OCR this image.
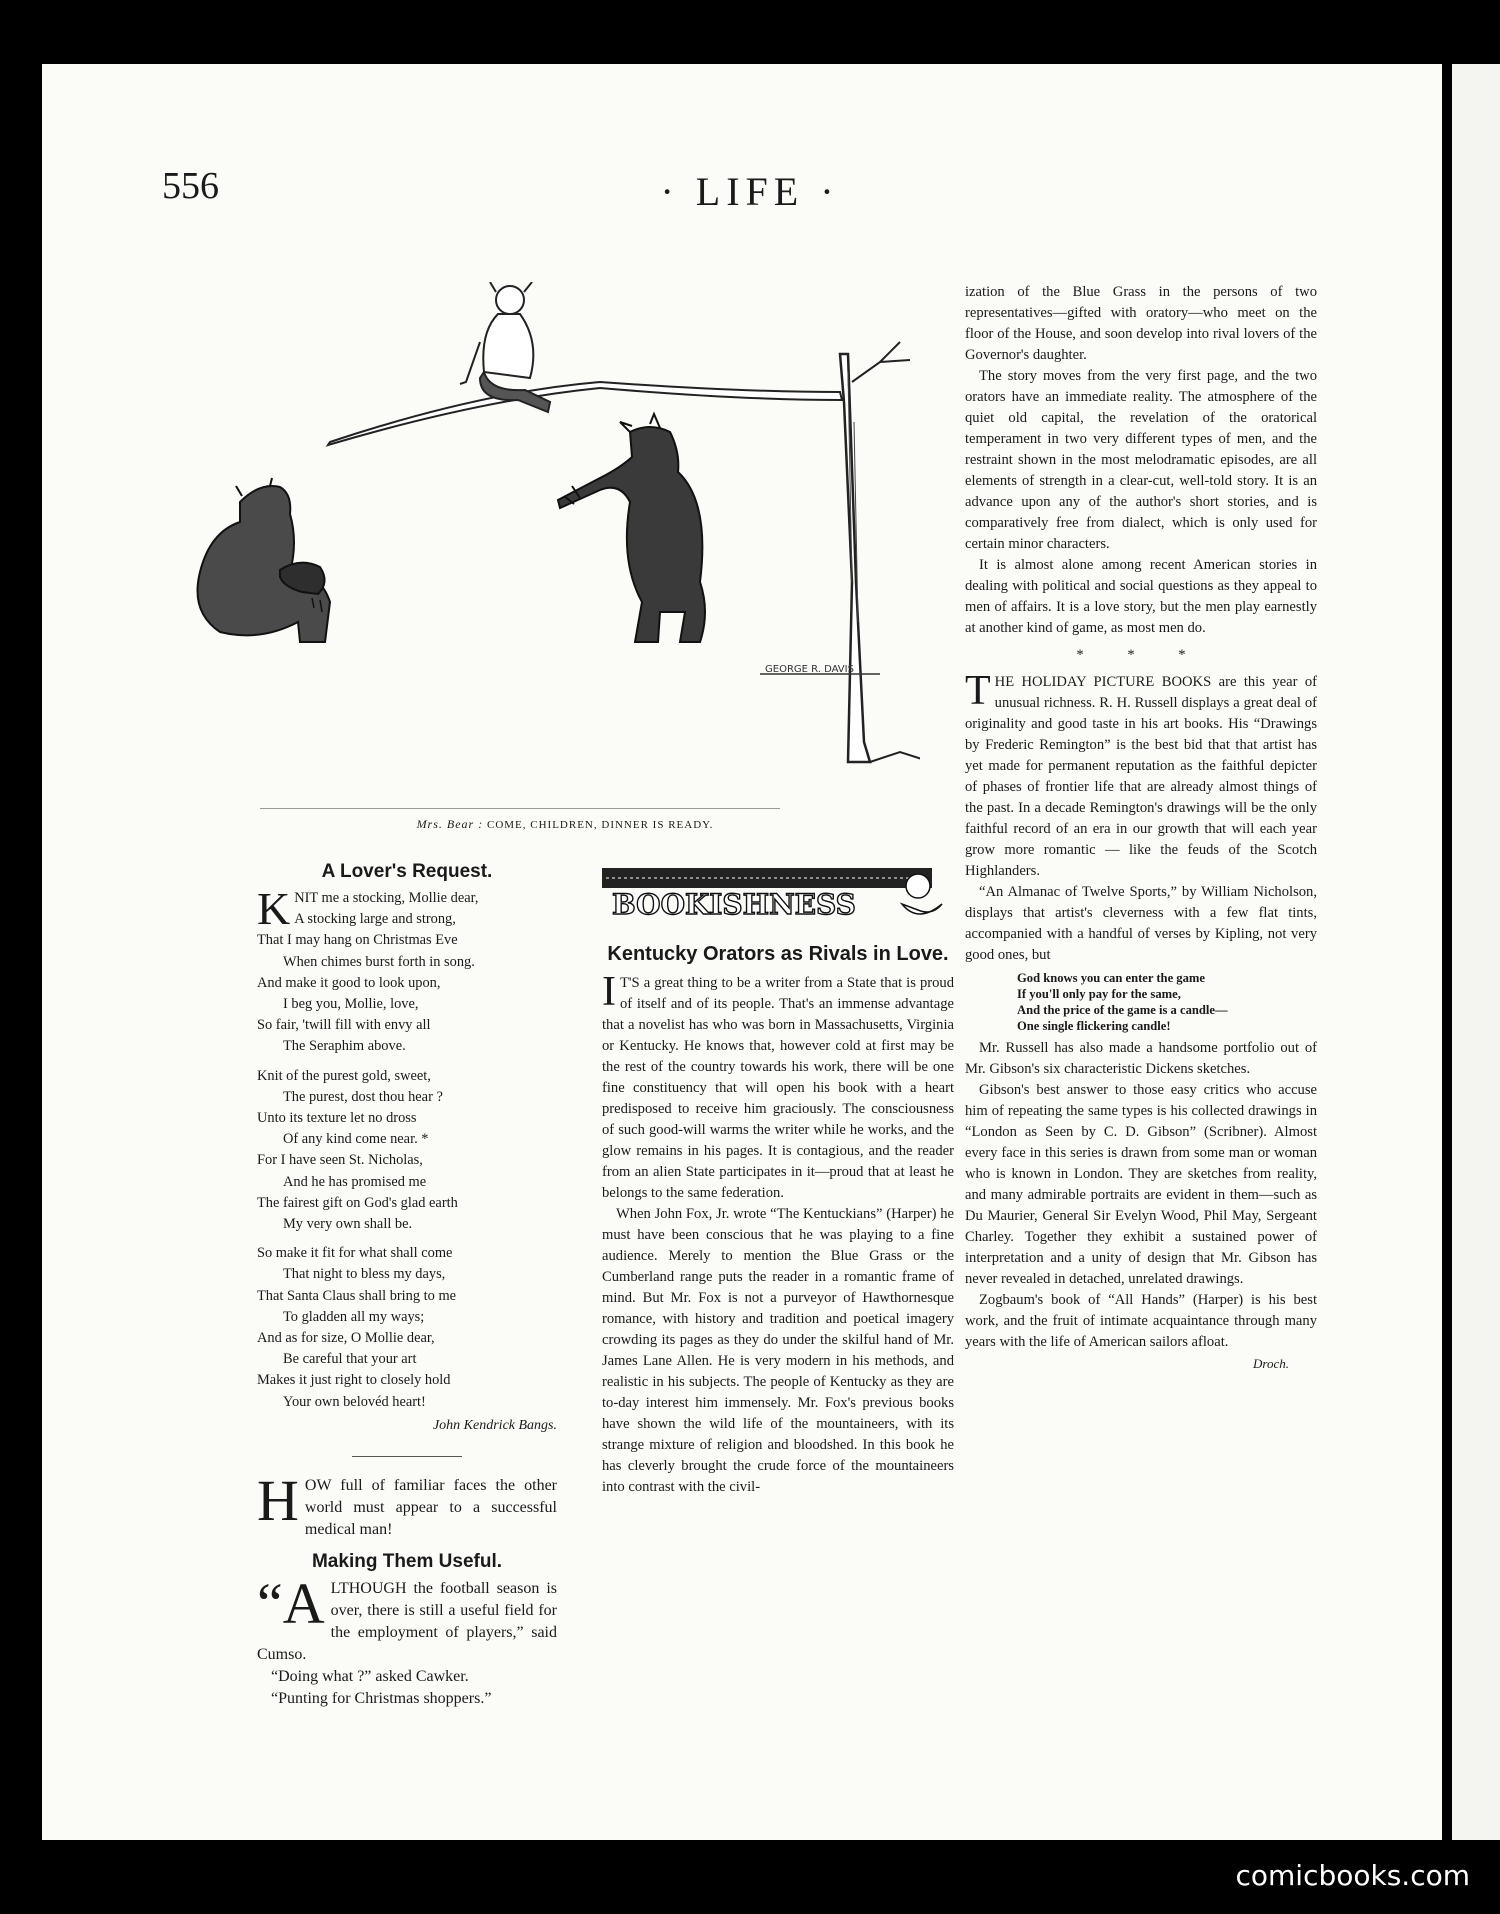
556	· LIFE ·
GEORGE R. DAVIS
Mrs. Bear : COME, CHILDREN, DINNER IS READY.
A Lover's Request.
K NIT me a stocking, Mollie dear,
A stocking large and strong,
That I may hang on Christmas Eve
When chimes burst forth in song.
And make it good to look upon,
I beg you, Mollie, love,
So fair, 'twill fill with envy all
The Seraphim above.
Knit of the purest gold, sweet,
The purest, dost thou hear ?
Unto its texture let no dross
Of any kind come near. *
For I have seen St. Nicholas,
And he has promised me
The fairest gift on God's glad earth
My very own shall be.
So make it fit for what shall come
That night to bless my days,
That Santa Claus shall bring to me
To gladden all my ways;
And as for size, O Mollie dear,
Be careful that your art
Makes it just right to closely hold
Your own belovéd heart!
John Kendrick Bangs.

HOW full of familiar faces the other world must appear to a successful medical man!

Making Them Useful.

“A LTHOUGH the football season is over, there is still a useful field for the employment of players,” said Cumso.

“Doing what ?” asked Cawker.

“Punting for Christmas shoppers.”

BOOKISHNESS
Kentucky Orators as Rivals in Love.

I T'S a great thing to be a writer from a State that is proud of itself and of its people. That's an immense advantage that a novelist has who was born in Massachusetts, Virginia or Kentucky. He knows that, however cold at first may be the rest of the country towards his work, there will be one fine constituency that will open his book with a heart predisposed to receive him graciously. The consciousness of such good-will warms the writer while he works, and the glow remains in his pages. It is contagious, and the reader from an alien State participates in it—proud that at least he belongs to the same federation.

When John Fox, Jr. wrote “The Kentuckians” (Harper) he must have been conscious that he was playing to a fine audience. Merely to mention the Blue Grass or the Cumberland range puts the reader in a romantic frame of mind. But Mr. Fox is not a purveyor of Hawthornesque romance, with history and tradition and poetical imagery crowding its pages as they do under the skilful hand of Mr. James Lane Allen. He is very modern in his methods, and realistic in his subjects. The people of Kentucky as they are to-day interest him immensely. Mr. Fox's previous books have shown the wild life of the mountaineers, with its strange mixture of religion and bloodshed. In this book he has cleverly brought the crude force of the mountaineers into contrast with the civil-

ization of the Blue Grass in the persons of two representatives—gifted with oratory—who meet on the floor of the House, and soon develop into rival lovers of the Governor's daughter.

The story moves from the very first page, and the two orators have an immediate reality. The atmosphere of the quiet old capital, the revelation of the oratorical temperament in two very different types of men, and the restraint shown in the most melodramatic episodes, are all elements of strength in a clear-cut, well-told story. It is an advance upon any of the author's short stories, and is comparatively free from dialect, which is only used for certain minor characters.

It is almost alone among recent American stories in dealing with political and social questions as they appeal to men of affairs. It is a love story, but the men play earnestly at another kind of game, as most men do.

* * *

THE HOLIDAY PICTURE BOOKS are this year of unusual richness. R. H. Russell displays a great deal of originality and good taste in his art books. His “Drawings by Frederic Remington” is the best bid that that artist has yet made for permanent reputation as the faithful depicter of phases of frontier life that are already almost things of the past. In a decade Remington's drawings will be the only faithful record of an era in our growth that will each year grow more romantic — like the feuds of the Scotch Highlanders.

“An Almanac of Twelve Sports,” by William Nicholson, displays that artist's cleverness with a few flat tints, accompanied with a handful of verses by Kipling, not very good ones, but

God knows you can enter the game
If you'll only pay for the same,
And the price of the game is a candle—
One single flickering candle!

Mr. Russell has also made a handsome portfolio out of Mr. Gibson's six characteristic Dickens sketches.

Gibson's best answer to those easy critics who accuse him of repeating the same types is his collected drawings in “London as Seen by C. D. Gibson” (Scribner). Almost every face in this series is drawn from some man or woman who is known in London. They are sketches from reality, and many admirable portraits are evident in them—such as Du Maurier, General Sir Evelyn Wood, Phil May, Sergeant Charley. Together they exhibit a sustained power of interpretation and a unity of design that Mr. Gibson has never revealed in detached, unrelated drawings.

Zogbaum's book of “All Hands” (Harper) is his best work, and the fruit of intimate acquaintance through many years with the life of American sailors afloat.

Droch.
comicbooks.com
